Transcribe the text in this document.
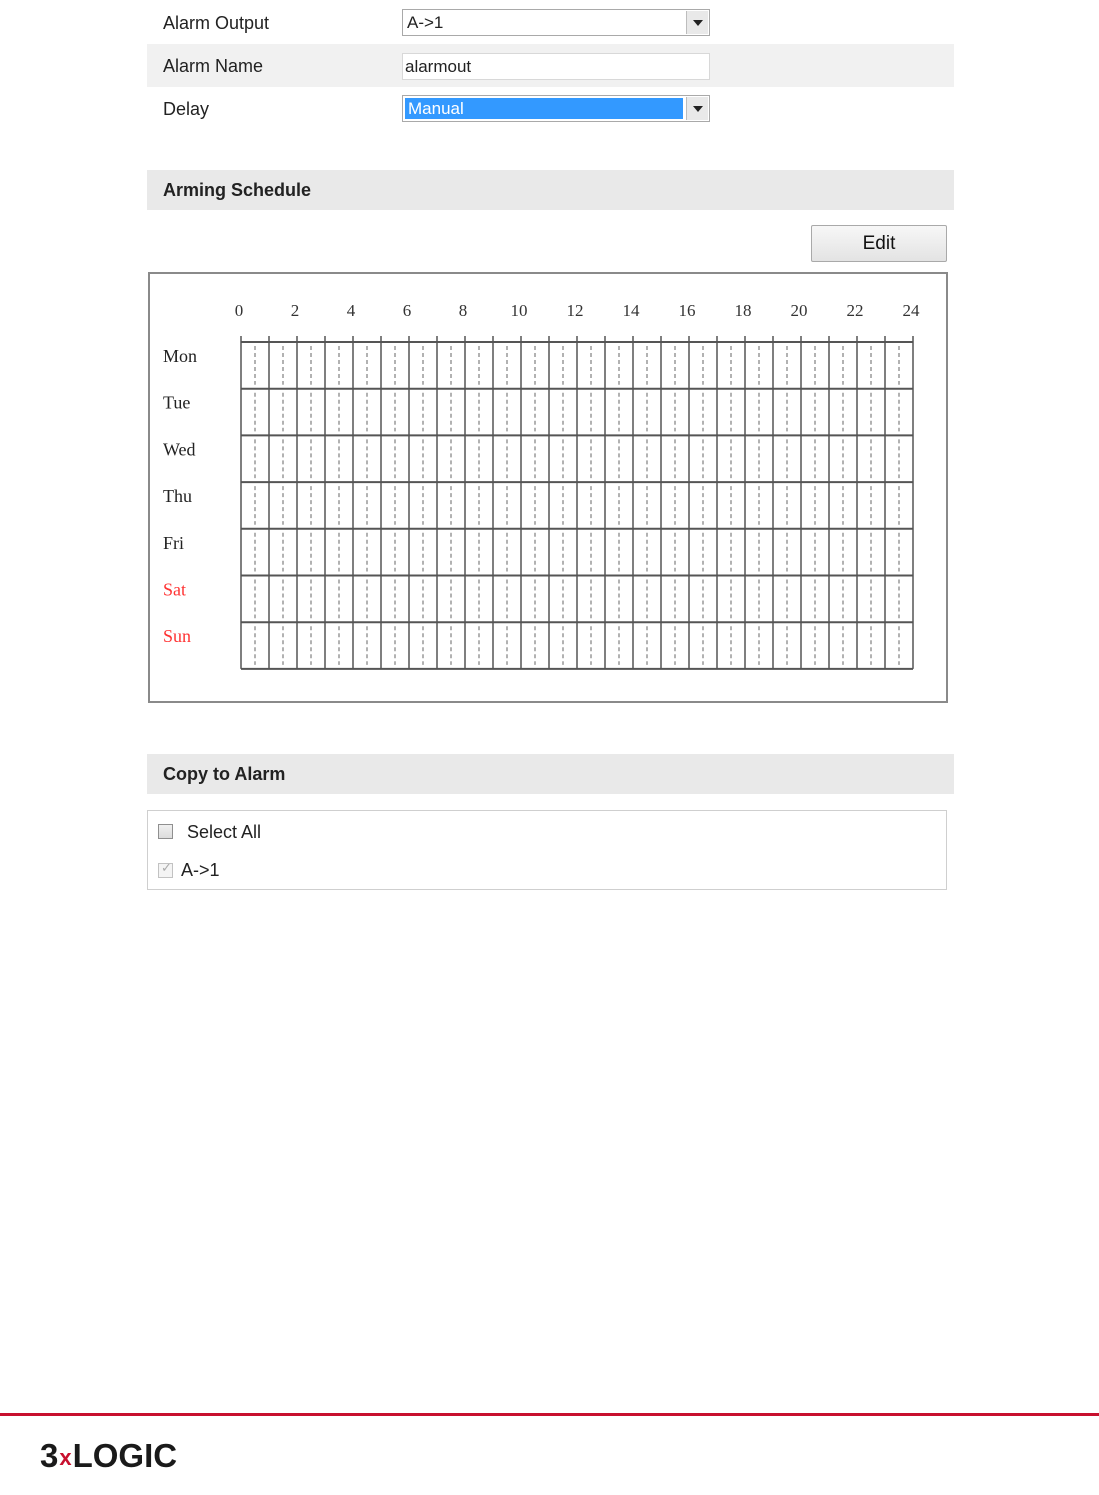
Alarm Output	A->1
Alarm Name	alarmout
Delay	Manual
Arming Schedule
Edit
0	2	4	6	8	10 12 14 16 18 20 22 24
Mon
Tue
Wed
Thu
Fri
Sat
Sun
Copy to Alarm
Select All
✓
A->1
3xLOGIC
